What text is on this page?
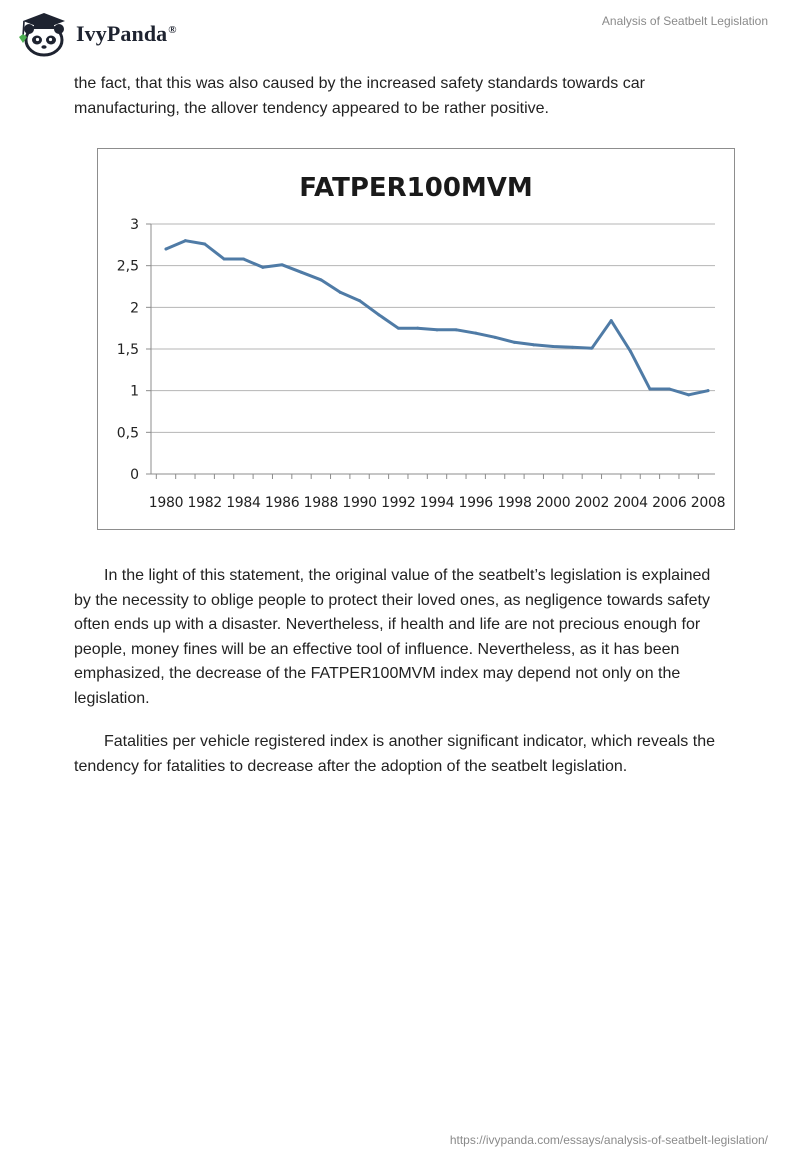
IvyPanda®
Analysis of Seatbelt Legislation

the fact, that this was also caused by the increased safety standards towards car manufacturing, the allover tendency appeared to be rather positive.

FATPER100MVM
0
0,5
1
1,5
2
2,5
3
1980 1982 1984 1986 1988 1990 1992 1994 1996 1998 2000 2002 2004 2006 2008

In the light of this statement, the original value of the seatbelt’s legislation is explained by the necessity to oblige people to protect their loved ones, as negligence towards safety often ends up with a disaster. Nevertheless, if health and life are not precious enough for people, money fines will be an effective tool of influence. Nevertheless, as it has been emphasized, the decrease of the FATPER100MVM index may depend not only on the legislation.

Fatalities per vehicle registered index is another significant indicator, which reveals the tendency for fatalities to decrease after the adoption of the seatbelt legislation.

https://ivypanda.com/essays/analysis-of-seatbelt-legislation/
